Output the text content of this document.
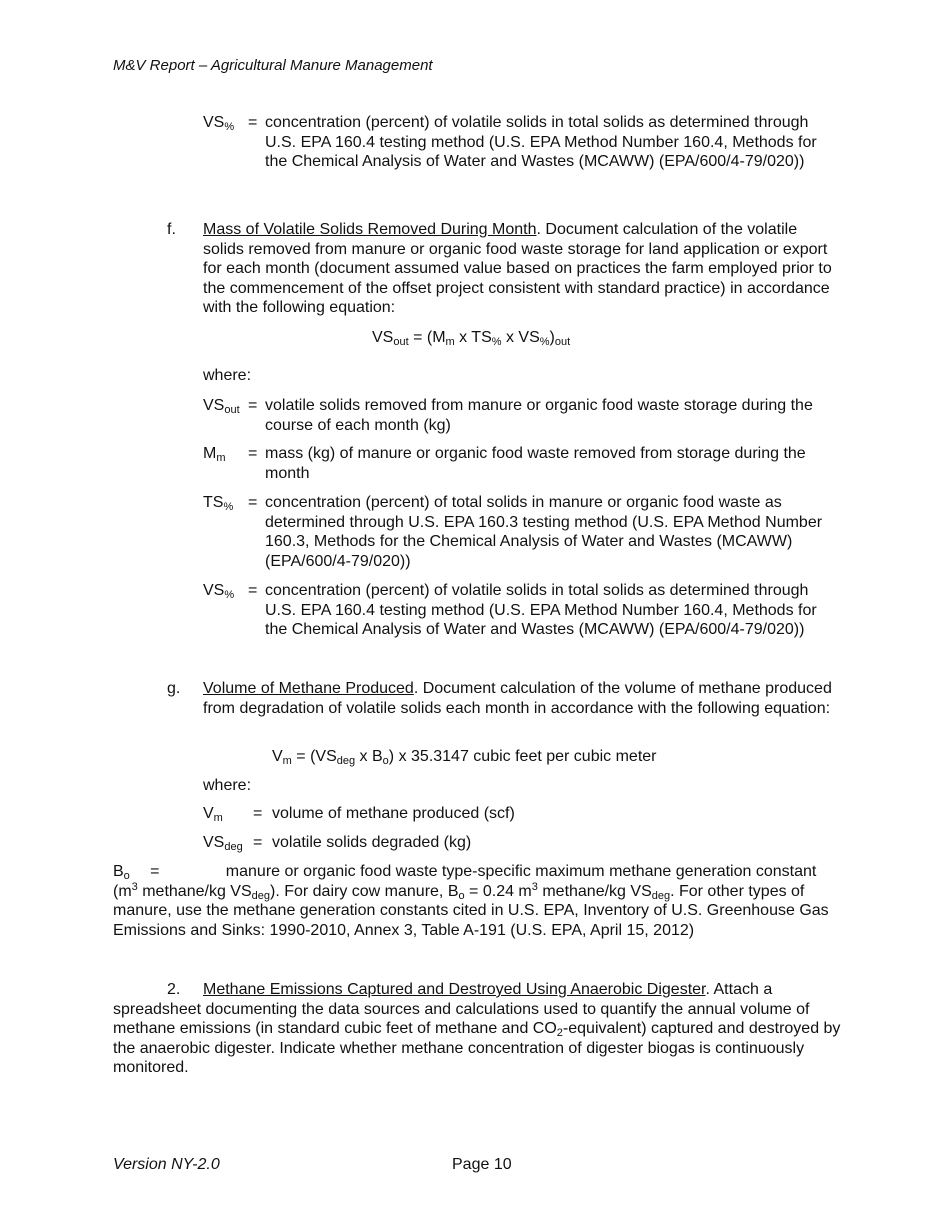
M&V Report – Agricultural Manure Management
$VS_{\%}$ = concentration (percent) of volatile solids in total solids as determined through U.S. EPA 160.4 testing method (U.S. EPA Method Number 160.4, Methods for the Chemical Analysis of Water and Wastes (MCAWW) (EPA/600/4-79/020))
f. Mass of Volatile Solids Removed During Month. Document calculation of the volatile solids removed from manure or organic food waste storage for land application or export for each month (document assumed value based on practices the farm employed prior to the commencement of the offset project consistent with standard practice) in accordance with the following equation:
$VS_{out} = (M_m$ x $TS_{\%}$ x $VS_{\%})_{out}$
where:
$VS_{out}$ = volatile solids removed from manure or organic food waste storage during the course of each month (kg)
$M_m$ = mass (kg) of manure or organic food waste removed from storage during the month
$TS_{\%}$ = concentration (percent) of total solids in manure or organic food waste as determined through U.S. EPA 160.3 testing method (U.S. EPA Method Number 160.3, Methods for the Chemical Analysis of Water and Wastes (MCAWW) (EPA/600/4-79/020))
$VS_{\%}$ = concentration (percent) of volatile solids in total solids as determined through U.S. EPA 160.4 testing method (U.S. EPA Method Number 160.4, Methods for the Chemical Analysis of Water and Wastes (MCAWW) (EPA/600/4-79/020))
g. Volume of Methane Produced. Document calculation of the volume of methane produced from degradation of volatile solids each month in accordance with the following equation:
$V_m = (VS_{deg}$ x $B_o$) x 35.3147 cubic feet per cubic meter
where:
$V_m$ = volume of methane produced (scf)
$VS_{deg}$ = volatile solids degraded (kg)
$B_o$ =	manure or organic food waste type-specific maximum methane generation constant ($m^3$ methane/kg $VS_{deg}$). For dairy cow manure, $B_o = 0.24$ $m^3$ methane/kg $VS_{deg}$. For other types of manure, use the methane generation constants cited in U.S. EPA, Inventory of U.S. Greenhouse Gas Emissions and Sinks: 1990-2010, Annex 3, Table A-191 (U.S. EPA, April 15, 2012)
2. Methane Emissions Captured and Destroyed Using Anaerobic Digester. Attach a spreadsheet documenting the data sources and calculations used to quantify the annual volume of methane emissions (in standard cubic feet of methane and $CO_2-equivalent$) captured and destroyed by the anaerobic digester. Indicate whether methane concentration of digester biogas is continuously monitored.
Version NY-2.0	Page 10
